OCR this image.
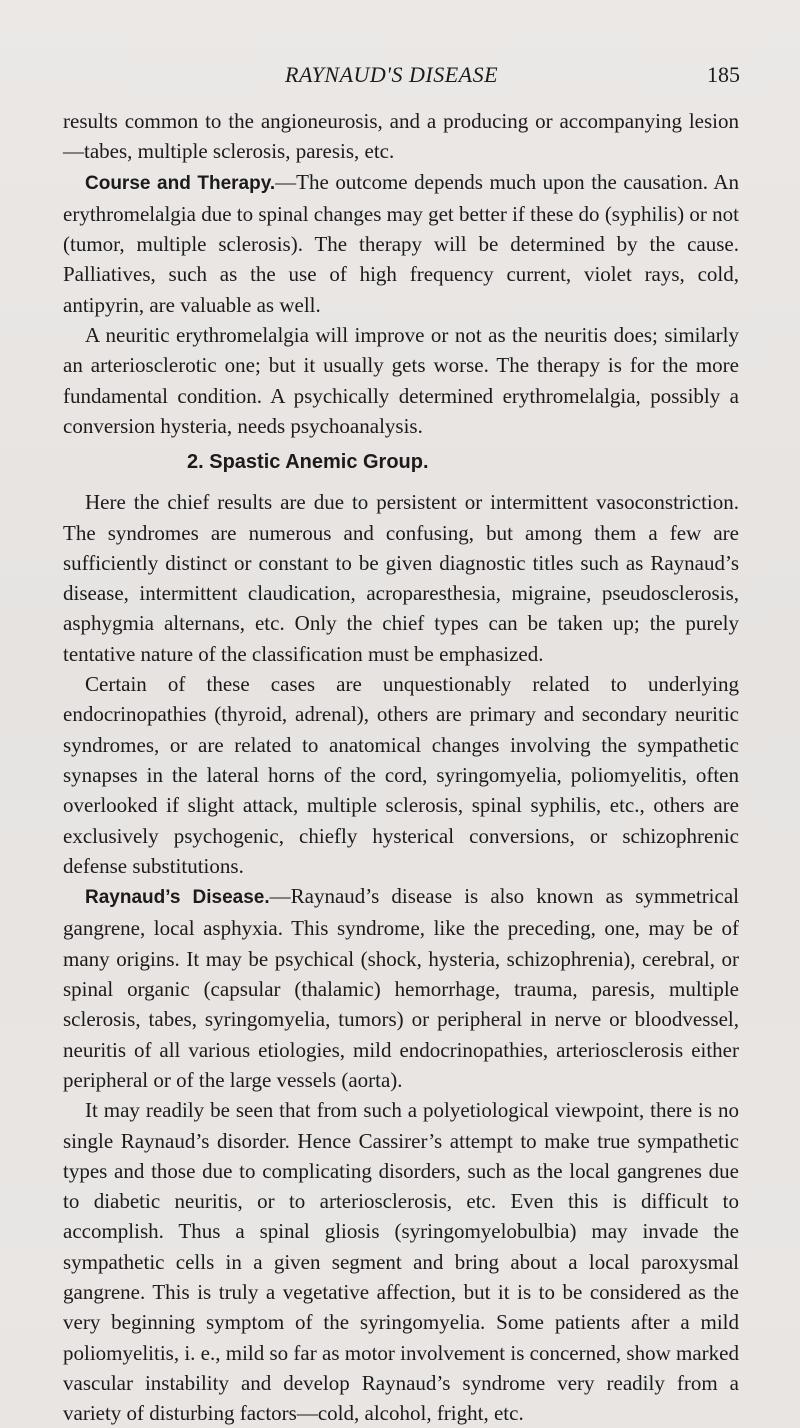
RAYNAUD'S DISEASE	185

results common to the angioneurosis, and a producing or accompanying lesion—tabes, multiple sclerosis, paresis, etc.

Course and Therapy.—The outcome depends much upon the causation. An erythromelalgia due to spinal changes may get better if these do (syphilis) or not (tumor, multiple sclerosis). The therapy will be determined by the cause. Palliatives, such as the use of high frequency current, violet rays, cold, antipyrin, are valuable as well.

A neuritic erythromelalgia will improve or not as the neuritis does; similarly an arteriosclerotic one; but it usually gets worse. The therapy is for the more fundamental condition. A psychically determined erythromelalgia, possibly a conversion hysteria, needs psychoanalysis.

2. Spastic Anemic Group.

Here the chief results are due to persistent or intermittent vasoconstriction. The syndromes are numerous and confusing, but among them a few are sufficiently distinct or constant to be given diagnostic titles such as Raynaud’s disease, intermittent claudication, acroparesthesia, migraine, pseudosclerosis, asphygmia alternans, etc. Only the chief types can be taken up; the purely tentative nature of the classification must be emphasized.

Certain of these cases are unquestionably related to underlying endocrinopathies (thyroid, adrenal), others are primary and secondary neuritic syndromes, or are related to anatomical changes involving the sympathetic synapses in the lateral horns of the cord, syringomyelia, poliomyelitis, often overlooked if slight attack, multiple sclerosis, spinal syphilis, etc., others are exclusively psychogenic, chiefly hysterical conversions, or schizophrenic defense substitutions.

Raynaud’s Disease.—Raynaud’s disease is also known as symmetrical gangrene, local asphyxia. This syndrome, like the preceding, one, may be of many origins. It may be psychical (shock, hysteria, schizophrenia), cerebral, or spinal organic (capsular (thalamic) hemorrhage, trauma, paresis, multiple sclerosis, tabes, syringomyelia, tumors) or peripheral in nerve or bloodvessel, neuritis of all various etiologies, mild endocrinopathies, arteriosclerosis either peripheral or of the large vessels (aorta).

It may readily be seen that from such a polyetiological viewpoint, there is no single Raynaud’s disorder. Hence Cassirer’s attempt to make true sympathetic types and those due to complicating disorders, such as the local gangrenes due to diabetic neuritis, or to arteriosclerosis, etc. Even this is difficult to accomplish. Thus a spinal gliosis (syringomyelobulbia) may invade the sympathetic cells in a given segment and bring about a local paroxysmal gangrene. This is truly a vegetative affection, but it is to be considered as the very beginning symptom of the syringomyelia. Some patients after a mild poliomyelitis, i. e., mild so far as motor involvement is concerned, show marked vascular instability and develop Raynaud’s syndrome very readily from a variety of disturbing factors—cold, alcohol, fright, etc.
